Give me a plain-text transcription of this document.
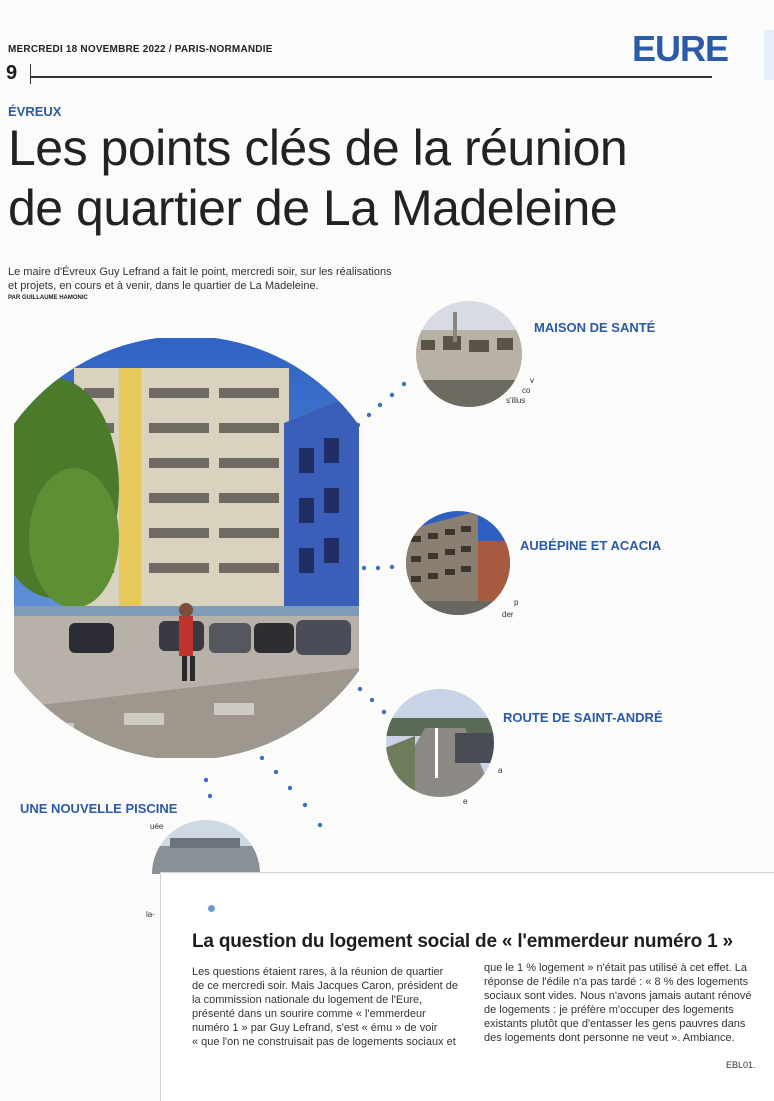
MERCREDI 18 NOVEMBRE 2022 / PARIS-NORMANDIE
9
EURE
ÉVREUX
Les points clés de la réunion
de quartier de La Madeleine
Le maire d'Évreux Guy Lefrand a fait le point, mercredi soir, sur les réalisations
et projets, en cours et à venir, dans le quartier de La Madeleine.
PAR GUILLAUME HAMONIC
MAISON DE SANTÉ
v
co
s'illus
AUBÉPINE ET ACACIA
p
der
ROUTE DE SAINT-ANDRÉ
a
e
UNE NOUVELLE PISCINE
uée
la-
La question du logement social de « l'emmerdeur numéro 1 »
Les questions étaient rares, à la réunion de quartier
de ce mercredi soir. Mais Jacques Caron, président de
la commission nationale du logement de l'Eure,
présenté dans un sourire comme « l'emmerdeur
numéro 1 » par Guy Lefrand, s'est « ému » de voir
« que l'on ne construisait pas de logements sociaux et
que le 1 % logement » n'était pas utilisé à cet effet. La
réponse de l'édile n'a pas tardé : « 8 % des logements
sociaux sont vides. Nous n'avons jamais autant rénové
de logements : je préfère m'occuper des logements
existants plutôt que d'entasser les gens pauvres dans
des logements dont personne ne veut ». Ambiance.
EBL01.
